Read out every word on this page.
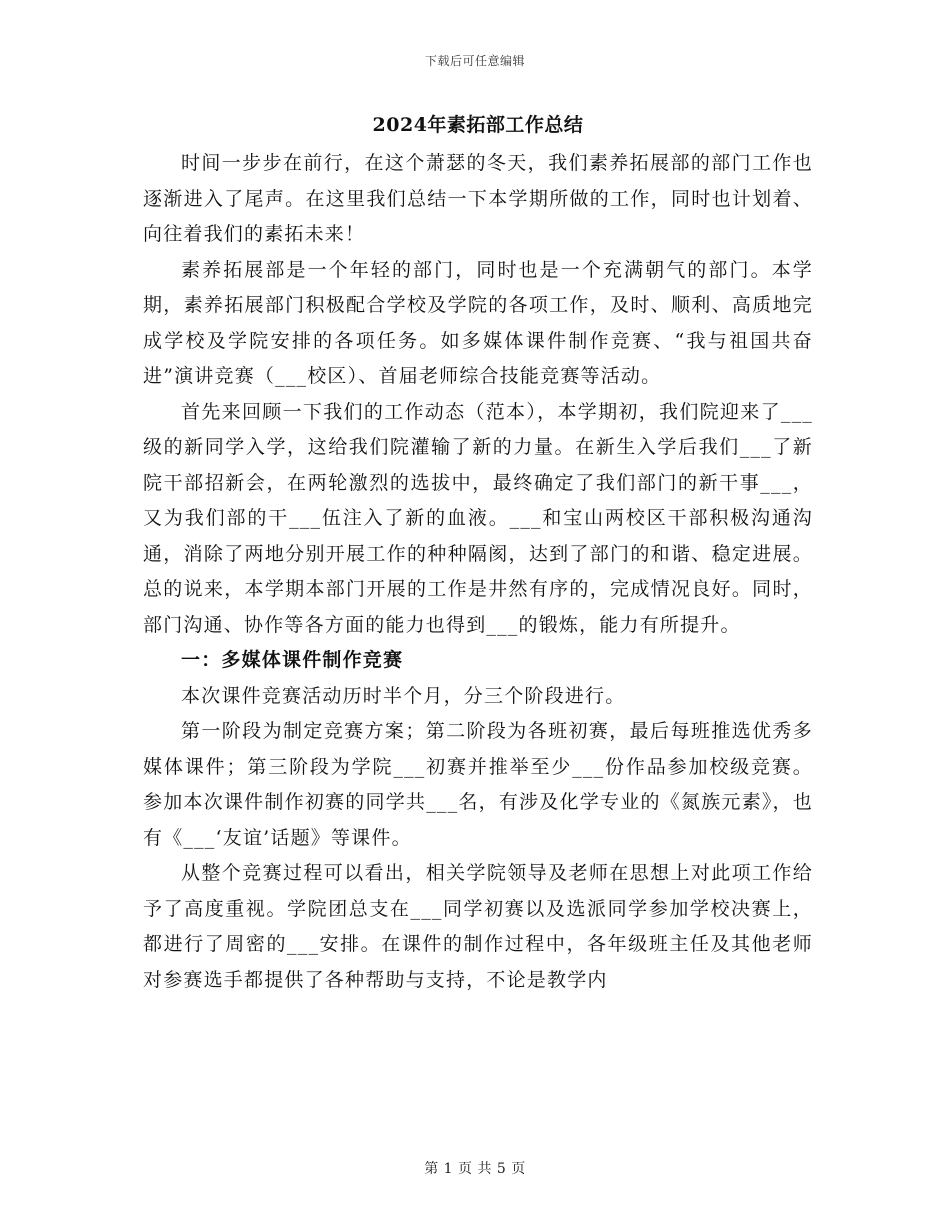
下载后可任意编辑
2024年素拓部工作总结

时间一步步在前行，在这个萧瑟的冬天，我们素养拓展部的部门工作也逐渐进入了尾声。在这里我们总结一下本学期所做的工作，同时也计划着、向往着我们的素拓未来！

素养拓展部是一个年轻的部门，同时也是一个充满朝气的部门。本学期，素养拓展部门积极配合学校及学院的各项工作，及时、顺利、高质地完成学校及学院安排的各项任务。如多媒体课件制作竞赛、“我与祖国共奋进”演讲竞赛（___校区）、首届老师综合技能竞赛等活动。

首先来回顾一下我们的工作动态（范本），本学期初，我们院迎来了___级的新同学入学，这给我们院灌输了新的力量。在新生入学后我们___了新院干部招新会，在两轮激烈的选拔中，最终确定了我们部门的新干事___，又为我们部的干___伍注入了新的血液。___和宝山两校区干部积极沟通沟通，消除了两地分别开展工作的种种隔阂，达到了部门的和谐、稳定进展。总的说来，本学期本部门开展的工作是井然有序的，完成情况良好。同时，部门沟通、协作等各方面的能力也得到___的锻炼，能力有所提升。

一：多媒体课件制作竞赛

本次课件竞赛活动历时半个月，分三个阶段进行。

第一阶段为制定竞赛方案；第二阶段为各班初赛，最后每班推选优秀多媒体课件；第三阶段为学院___初赛并推举至少___份作品参加校级竞赛。参加本次课件制作初赛的同学共___名，有涉及化学专业的《氮族元素》，也有《___‘友谊’话题》等课件。

从整个竞赛过程可以看出，相关学院领导及老师在思想上对此项工作给予了高度重视。学院团总支在___同学初赛以及选派同学参加学校决赛上，都进行了周密的___安排。在课件的制作过程中，各年级班主任及其他老师对参赛选手都提供了各种帮助与支持，不论是教学内

第 1 页 共 5 页
